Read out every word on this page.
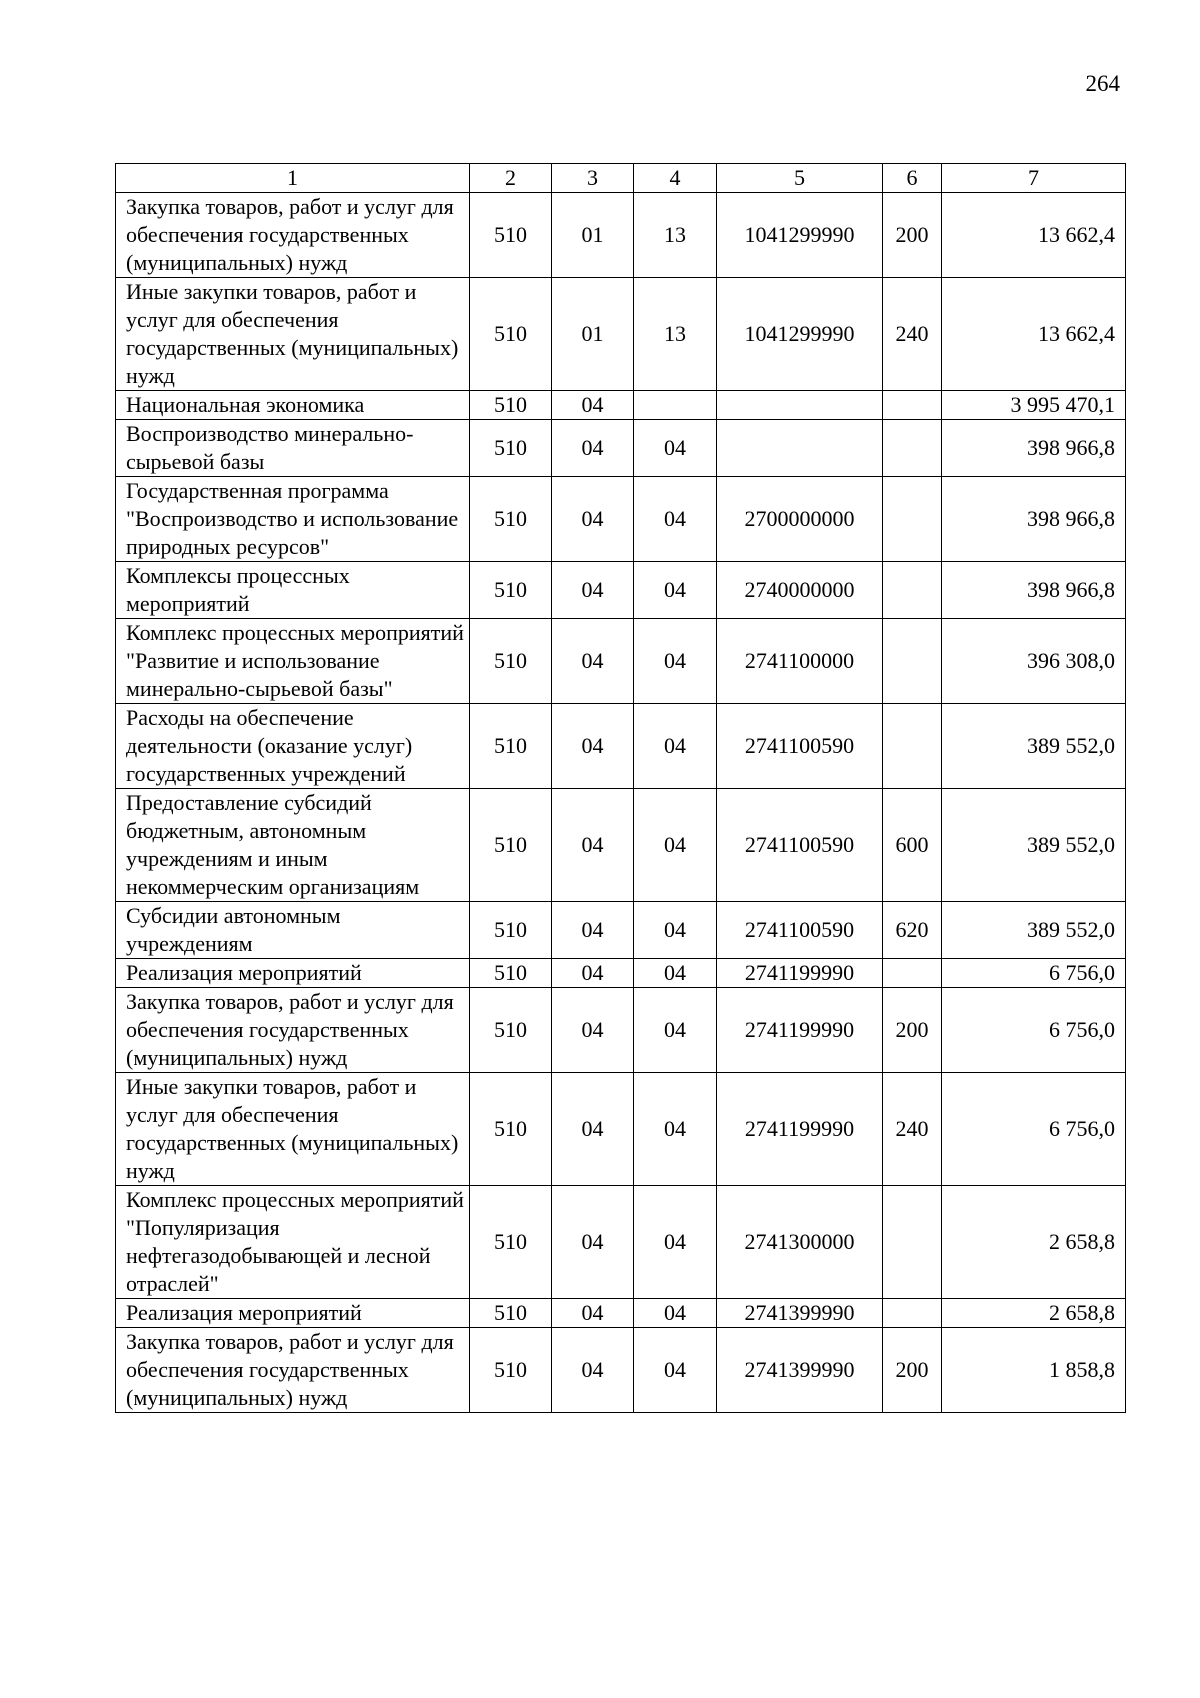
264
1	2	3	4	5	6	7
Закупка товаров, работ и услуг для обеспечения государственных (муниципальных) нужд	510	01	13	1041299990	200	13 662,4
Иные закупки товаров, работ и услуг для обеспечения государственных (муниципальных) нужд	510	01	13	1041299990	240	13 662,4
Национальная экономика	510	04				3 995 470,1
Воспроизводство минерально-сырьевой базы	510	04	04			398 966,8
Государственная программа "Воспроизводство и использование природных ресурсов"	510	04	04	2700000000		398 966,8
Комплексы процессных мероприятий	510	04	04	2740000000		398 966,8
Комплекс процессных мероприятий "Развитие и использование минерально-сырьевой базы"	510	04	04	2741100000		396 308,0
Расходы на обеспечение деятельности (оказание услуг) государственных учреждений	510	04	04	2741100590		389 552,0
Предоставление субсидий бюджетным, автономным учреждениям и иным некоммерческим организациям	510	04	04	2741100590	600	389 552,0
Субсидии автономным учреждениям	510	04	04	2741100590	620	389 552,0
Реализация мероприятий	510	04	04	2741199990		6 756,0
Закупка товаров, работ и услуг для обеспечения государственных (муниципальных) нужд	510	04	04	2741199990	200	6 756,0
Иные закупки товаров, работ и услуг для обеспечения государственных (муниципальных) нужд	510	04	04	2741199990	240	6 756,0
Комплекс процессных мероприятий "Популяризация нефтегазодобывающей и лесной отраслей"	510	04	04	2741300000		2 658,8
Реализация мероприятий	510	04	04	2741399990		2 658,8
Закупка товаров, работ и услуг для обеспечения государственных (муниципальных) нужд	510	04	04	2741399990	200	1 858,8
